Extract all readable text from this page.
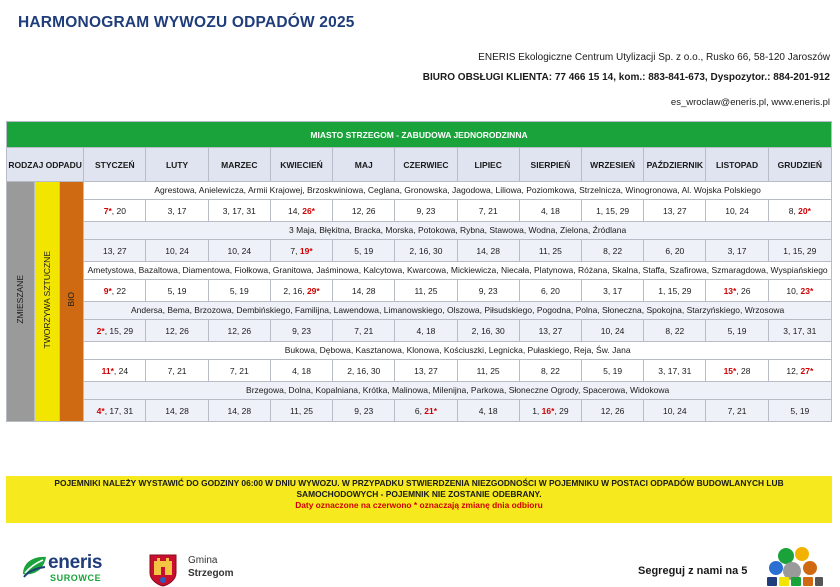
HARMONOGRAM WYWOZU ODPADÓW 2025
ENERIS Ekologiczne Centrum Utylizacji Sp. z o.o., Rusko 66, 58-120 Jaroszów
BIURO OBSŁUGI KLIENTA: 77 466 15 14, kom.: 883-841-673, Dyspozytor.: 884-201-912
es_wroclaw@eneris.pl, www.eneris.pl
MIASTO STRZEGOM - ZABUDOWA JEDNORODZINNA														
RODZAJ ODPADU			STYCZEŃ	LUTY	MARZEC	KWIECIEŃ	MAJ	CZERWIEC	LIPIEC	SIERPIEŃ	WRZESIEŃ	PAŹDZIERNIK	LISTOPAD	GRUDZIEŃ
ZMIESZANE	TWORZYWA SZTUCZNE	BIO	Agrestowa, Anielewicza, Armii Krajowej, Brzoskwiniowa, Ceglana, Gronowska, Jagodowa, Liliowa, Poziomkowa, Strzelnicza, Winogronowa, Al. Wojska Polskiego											
			7*, 20	3, 17	3, 17, 31	14, 26*	12, 26	9, 23	7, 21	4, 18	1, 15, 29	13, 27	10, 24	8, 20*
			3 Maja, Błękitna, Bracka, Morska, Potokowa, Rybna, Stawowa, Wodna, Zielona, Źródlana											
			13, 27	10, 24	10, 24	7, 19*	5, 19	2, 16, 30	14, 28	11, 25	8, 22	6, 20	3, 17	1, 15, 29
			Ametystowa, Bazaltowa, Diamentowa, Fiołkowa, Granitowa, Jaśminowa, Kalcytowa, Kwarcowa, Mickiewicza, Niecała, Platynowa, Różana, Skalna, Staffa, Szafirowa, Szmaragdowa, Wyspiańskiego											
			9*, 22	5, 19	5, 19	2, 16, 29*	14, 28	11, 25	9, 23	6, 20	3, 17	1, 15, 29	13*, 26	10, 23*
			Andersa, Bema, Brzozowa, Dembińskiego, Familijna, Lawendowa, Limanowskiego, Olszowa, Piłsudskiego, Pogodna, Polna, Słoneczna, Spokojna, Starzyńskiego, Wrzosowa											
			2*, 15, 29	12, 26	12, 26	9, 23	7, 21	4, 18	2, 16, 30	13, 27	10, 24	8, 22	5, 19	3, 17, 31
			Bukowa, Dębowa, Kasztanowa, Klonowa, Kościuszki, Legnicka, Pułaskiego, Reja, Św. Jana											
			11*, 24	7, 21	7, 21	4, 18	2, 16, 30	13, 27	11, 25	8, 22	5, 19	3, 17, 31	15*, 28	12, 27*
			Brzegowa, Dolna, Kopalniana, Krótka, Malinowa, Milenijna, Parkowa, Słoneczne Ogrody, Spacerowa, Widokowa											
			4*, 17, 31	14, 28	14, 28	11, 25	9, 23	6, 21*	4, 18	1, 16*, 29	12, 26	10, 24	7, 21	5, 19
POJEMNIKI NALEŻY WYSTAWIĆ DO GODZINY 06:00 W DNIU WYWOZU. W PRZYPADKU STWIERDZENIA NIEZGODNOŚCI W POJEMNIKU W POSTACI ODPADÓW BUDOWLANYCH LUB
SAMOCHODOWYCH - POJEMNIK NIE ZOSTANIE ODEBRANY.
Daty oznaczone na czerwono * oznaczają zmianę dnia odbioru
eneris
SUROWCE
Gmina
Strzegom	Segreguj z nami na 5
